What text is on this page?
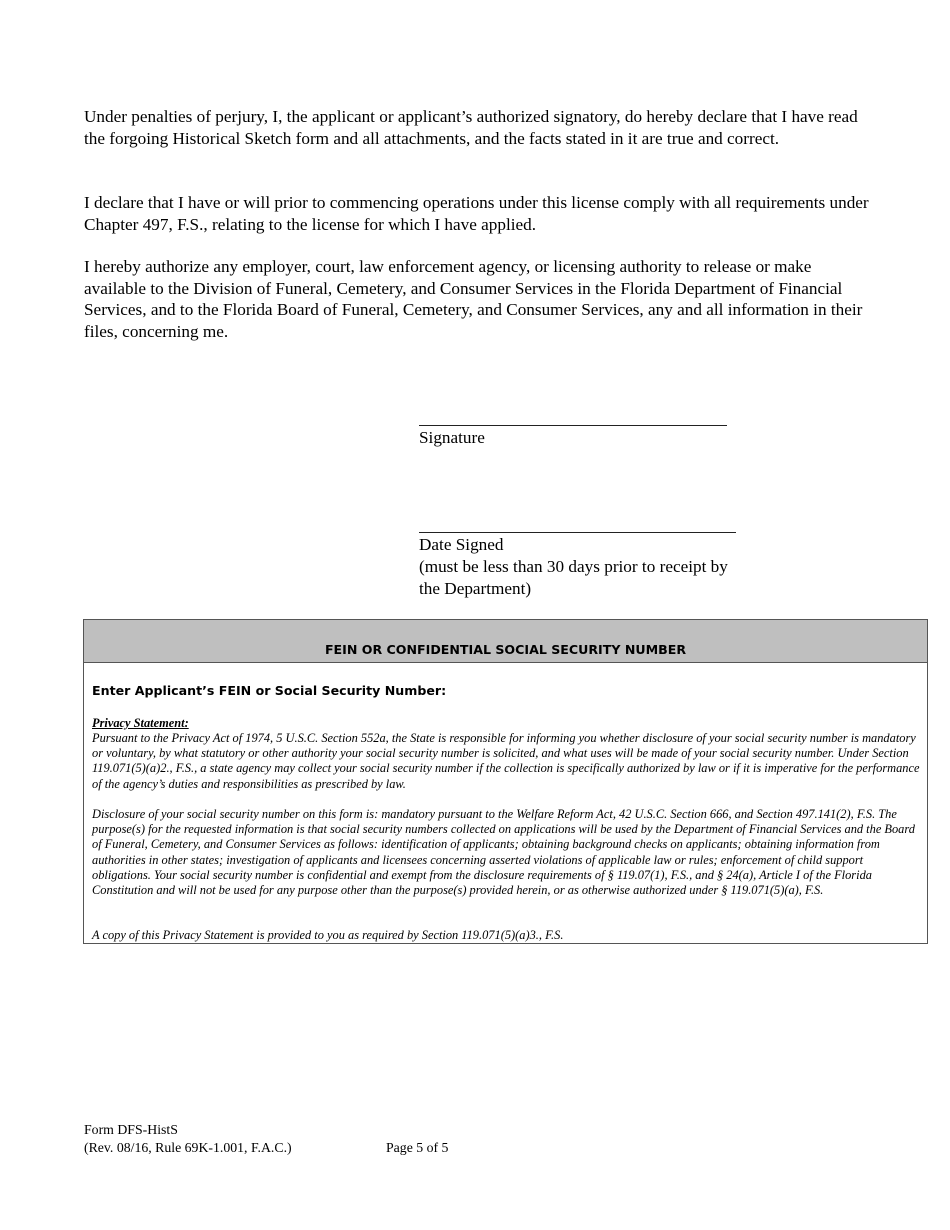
Under penalties of perjury, I, the applicant or applicant’s authorized signatory, do hereby declare that I have read the forgoing Historical Sketch form and all attachments, and the facts stated in it are true and correct.

I declare that I have or will prior to commencing operations under this license comply with all requirements under Chapter 497, F.S., relating to the license for which I have applied.

I hereby authorize any employer, court, law enforcement agency, or licensing authority to release or make available to the Division of Funeral, Cemetery, and Consumer Services in the Florida Department of Financial Services, and to the Florida Board of Funeral, Cemetery, and Consumer Services, any and all information in their files, concerning me.

Signature
Date Signed
(must be less than 30 days prior to receipt by
the Department)
FEIN OR CONFIDENTIAL SOCIAL SECURITY NUMBER
Enter Applicant’s FEIN or Social Security Number:

Privacy Statement:

Pursuant to the Privacy Act of 1974, 5 U.S.C. Section 552a, the State is responsible for informing you whether disclosure of your social security number is mandatory or voluntary, by what statutory or other authority your social security number is solicited, and what uses will be made of your social security number. Under Section 119.071(5)(a)2., F.S., a state agency may collect your social security number if the collection is specifically authorized by law or if it is imperative for the performance of the agency’s duties and responsibilities as prescribed by law.

Disclosure of your social security number on this form is: mandatory pursuant to the Welfare Reform Act, 42 U.S.C. Section 666, and Section 497.141(2), F.S. The purpose(s) for the requested information is that social security numbers collected on applications will be used by the Department of Financial Services and the Board of Funeral, Cemetery, and Consumer Services as follows: identification of applicants; obtaining background checks on applicants; obtaining information from authorities in other states; investigation of applicants and licensees concerning asserted violations of applicable law or rules; enforcement of child support obligations. Your social security number is confidential and exempt from the disclosure requirements of § 119.07(1), F.S., and § 24(a), Article I of the Florida Constitution and will not be used for any purpose other than the purpose(s) provided herein, or as otherwise authorized under § 119.071(5)(a), F.S.

A copy of this Privacy Statement is provided to you as required by Section 119.071(5)(a)3., F.S.

Form DFS-HistS
(Rev. 08/16, Rule 69K-1.001, F.A.C.)	Page 5 of 5
